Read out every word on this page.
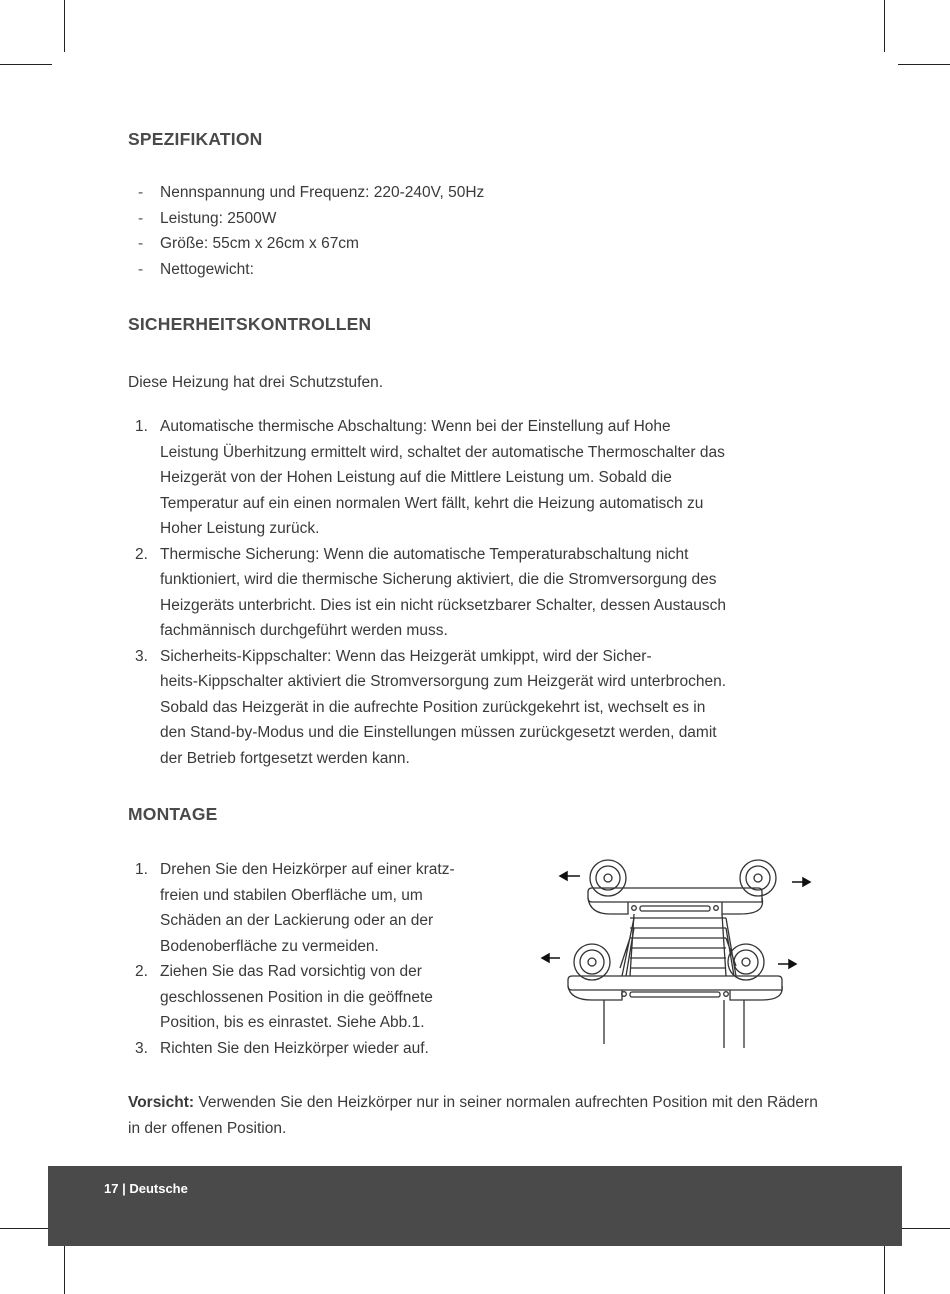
SPEZIFIKATION
- Nennspannung und Frequenz: 220-240V, 50Hz
- Leistung: 2500W
- Größe: 55cm x 26cm x 67cm
- Nettogewicht:
SICHERHEITSKONTROLLEN

Diese Heizung hat drei Schutzstufen.

1. Automatische thermische Abschaltung: Wenn bei der Einstellung auf Hohe
Leistung Überhitzung ermittelt wird, schaltet der automatische Thermoschalter das
Heizgerät von der Hohen Leistung auf die Mittlere Leistung um. Sobald die
Temperatur auf ein einen normalen Wert fällt, kehrt die Heizung automatisch zu
Hoher Leistung zurück.
2. Thermische Sicherung: Wenn die automatische Temperaturabschaltung nicht
funktioniert, wird die thermische Sicherung aktiviert, die die Stromversorgung des
Heizgeräts unterbricht. Dies ist ein nicht rücksetzbarer Schalter, dessen Austausch
fachmännisch durchgeführt werden muss.
3. Sicherheits-Kippschalter: Wenn das Heizgerät umkippt, wird der Sicher-
heits-Kippschalter aktiviert die Stromversorgung zum Heizgerät wird unterbrochen.
Sobald das Heizgerät in die aufrechte Position zurückgekehrt ist, wechselt es in
den Stand-by-Modus und die Einstellungen müssen zurückgesetzt werden, damit
der Betrieb fortgesetzt werden kann.
MONTAGE
1. Drehen Sie den Heizkörper auf einer kratz-
freien und stabilen Oberfläche um, um
Schäden an der Lackierung oder an der
Bodenoberfläche zu vermeiden.
2. Ziehen Sie das Rad vorsichtig von der
geschlossenen Position in die geöffnete
Position, bis es einrastet. Siehe Abb.1.
3. Richten Sie den Heizkörper wieder auf.

Vorsicht: Verwenden Sie den Heizkörper nur in seiner normalen aufrechten Position mit den Rädern in der offenen Position.

17 | Deutsche
